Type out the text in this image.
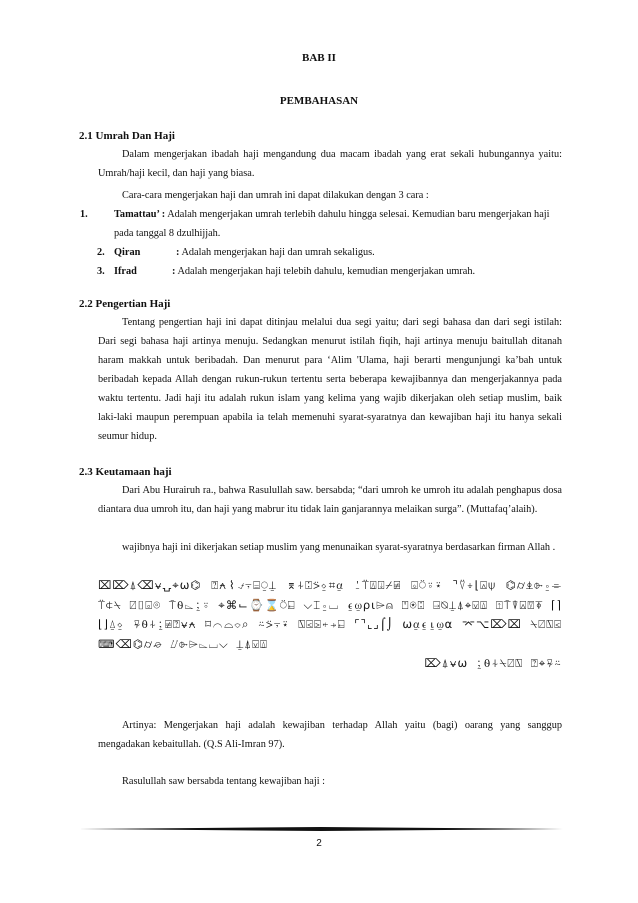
BAB II
PEMBAHASAN
2.1 Umrah Dan Haji
Dalam mengerjakan ibadah haji mengandung dua macam ibadah yang erat sekali hubungannya yaitu: Umrah/haji kecil, dan haji yang biasa.
Cara-cara mengerjakan haji dan umrah ini dapat dilakukan dengan 3 cara :
1.	Tamattau’ : Adalah mengerjakan umrah terlebih dahulu hingga selesai. Kemudian baru mengerjakan haji pada tanggal 8 dzulhijjah.
2. Qiran	: Adalah mengerjakan haji dan umrah sekaligus.
3. Ifrad	: Adalah mengerjakan haji telebih dahulu, kemudian mengerjakan umrah.
2.2 Pengertian Haji
Tentang pengertian haji ini dapat ditinjau melalui dua segi yaitu; dari segi bahasa dan dari segi istilah: Dari segi bahasa haji artinya menuju. Sedangkan menurut istilah fiqih, haji artinya menuju baitullah ditanah haram makkah untuk beribadah. Dan menurut para ‘Alim 'Ulama, haji berarti mengunjungi ka’bah untuk beribadah kepada Allah dengan rukun-rukun tertentu serta beberapa kewajibannya dan mengerjakannya pada waktu tertentu. Jadi haji itu adalah rukun islam yang kelima yang wajib dikerjakan oleh setiap muslim, baik laki-laki maupun perempuan apabila ia telah memenuhi syarat-syaratnya dan kewajiban haji itu hanya sekali seumur hidup.
2.3 Keutamaan haji
Dari Abu Hurairuh ra., bahwa Rasulullah saw. bersabda; “dari umroh ke umroh itu adalah penghapus dosa diantara dua umroh itu, dan haji yang mabrur itu tidak lain ganjarannya melaikan surga”. (Muttafaq’alaih).
wajibnya haji ini dikerjakan setiap muslim yang menunaikan syarat-syaratnya berdasarkan firman Allah .
⌧⌦⍋⌫⍱⍽⌖⍵⌬ ⍰⍲⌇⍻⍪⌸⍜⍊ ⌆⍭⍠⍩⍚⌗⍶ ⍘⍡⍍⍗⌿⍯ ⌺⍥⍤⍣ ⌝⍢⍖⌊⍓⍦ ⌬⌭⍎⌱⍛⌯ ⍡⍧⍀ ⍁⌷⌻⌾ ⍑⍬⌳⍮⍤ ⌖⌘⌙⌚⌛⍥⍇ ⌵⌶⍛⌴ ⍷⍹⍴⍳⌲⍝ ⍞⍟⍠ ⍈⍉⍊⍋⌖⍌⍍ ⍐⍑⍒⍓⍔⍕ ⌈⌉⌊⌋⍙⍚ ⍫⍬⍭⍮⍯⍰⍱⍲ ⌑⌒⌓⌔⌕ ⍨⍩⍪⍣ ⍂⍃⍄⍅⍆⍇ ⌜⌝⌞⌟⌠⌡ ⍵⍶⍷⍸⍹⍺ ⌤⌥⌦⌧ ⍀⍁⍂⍃ ⌨⌫⌬⌭⌮ ⌰⌱⌲⌳⌴⌵ ⍊⍋⍌⍍
⌦⍋⍱⍵ ⍮⍬⍭⍀⍁⍂ ⍰⌖⍫⍨
Artinya: Mengerjakan haji adalah kewajiban terhadap Allah yaitu (bagi) oarang yang sanggup mengadakan kebaitullah. (Q.S Ali-Imran 97).
Rasulullah saw bersabda tentang kewajiban haji :
2
